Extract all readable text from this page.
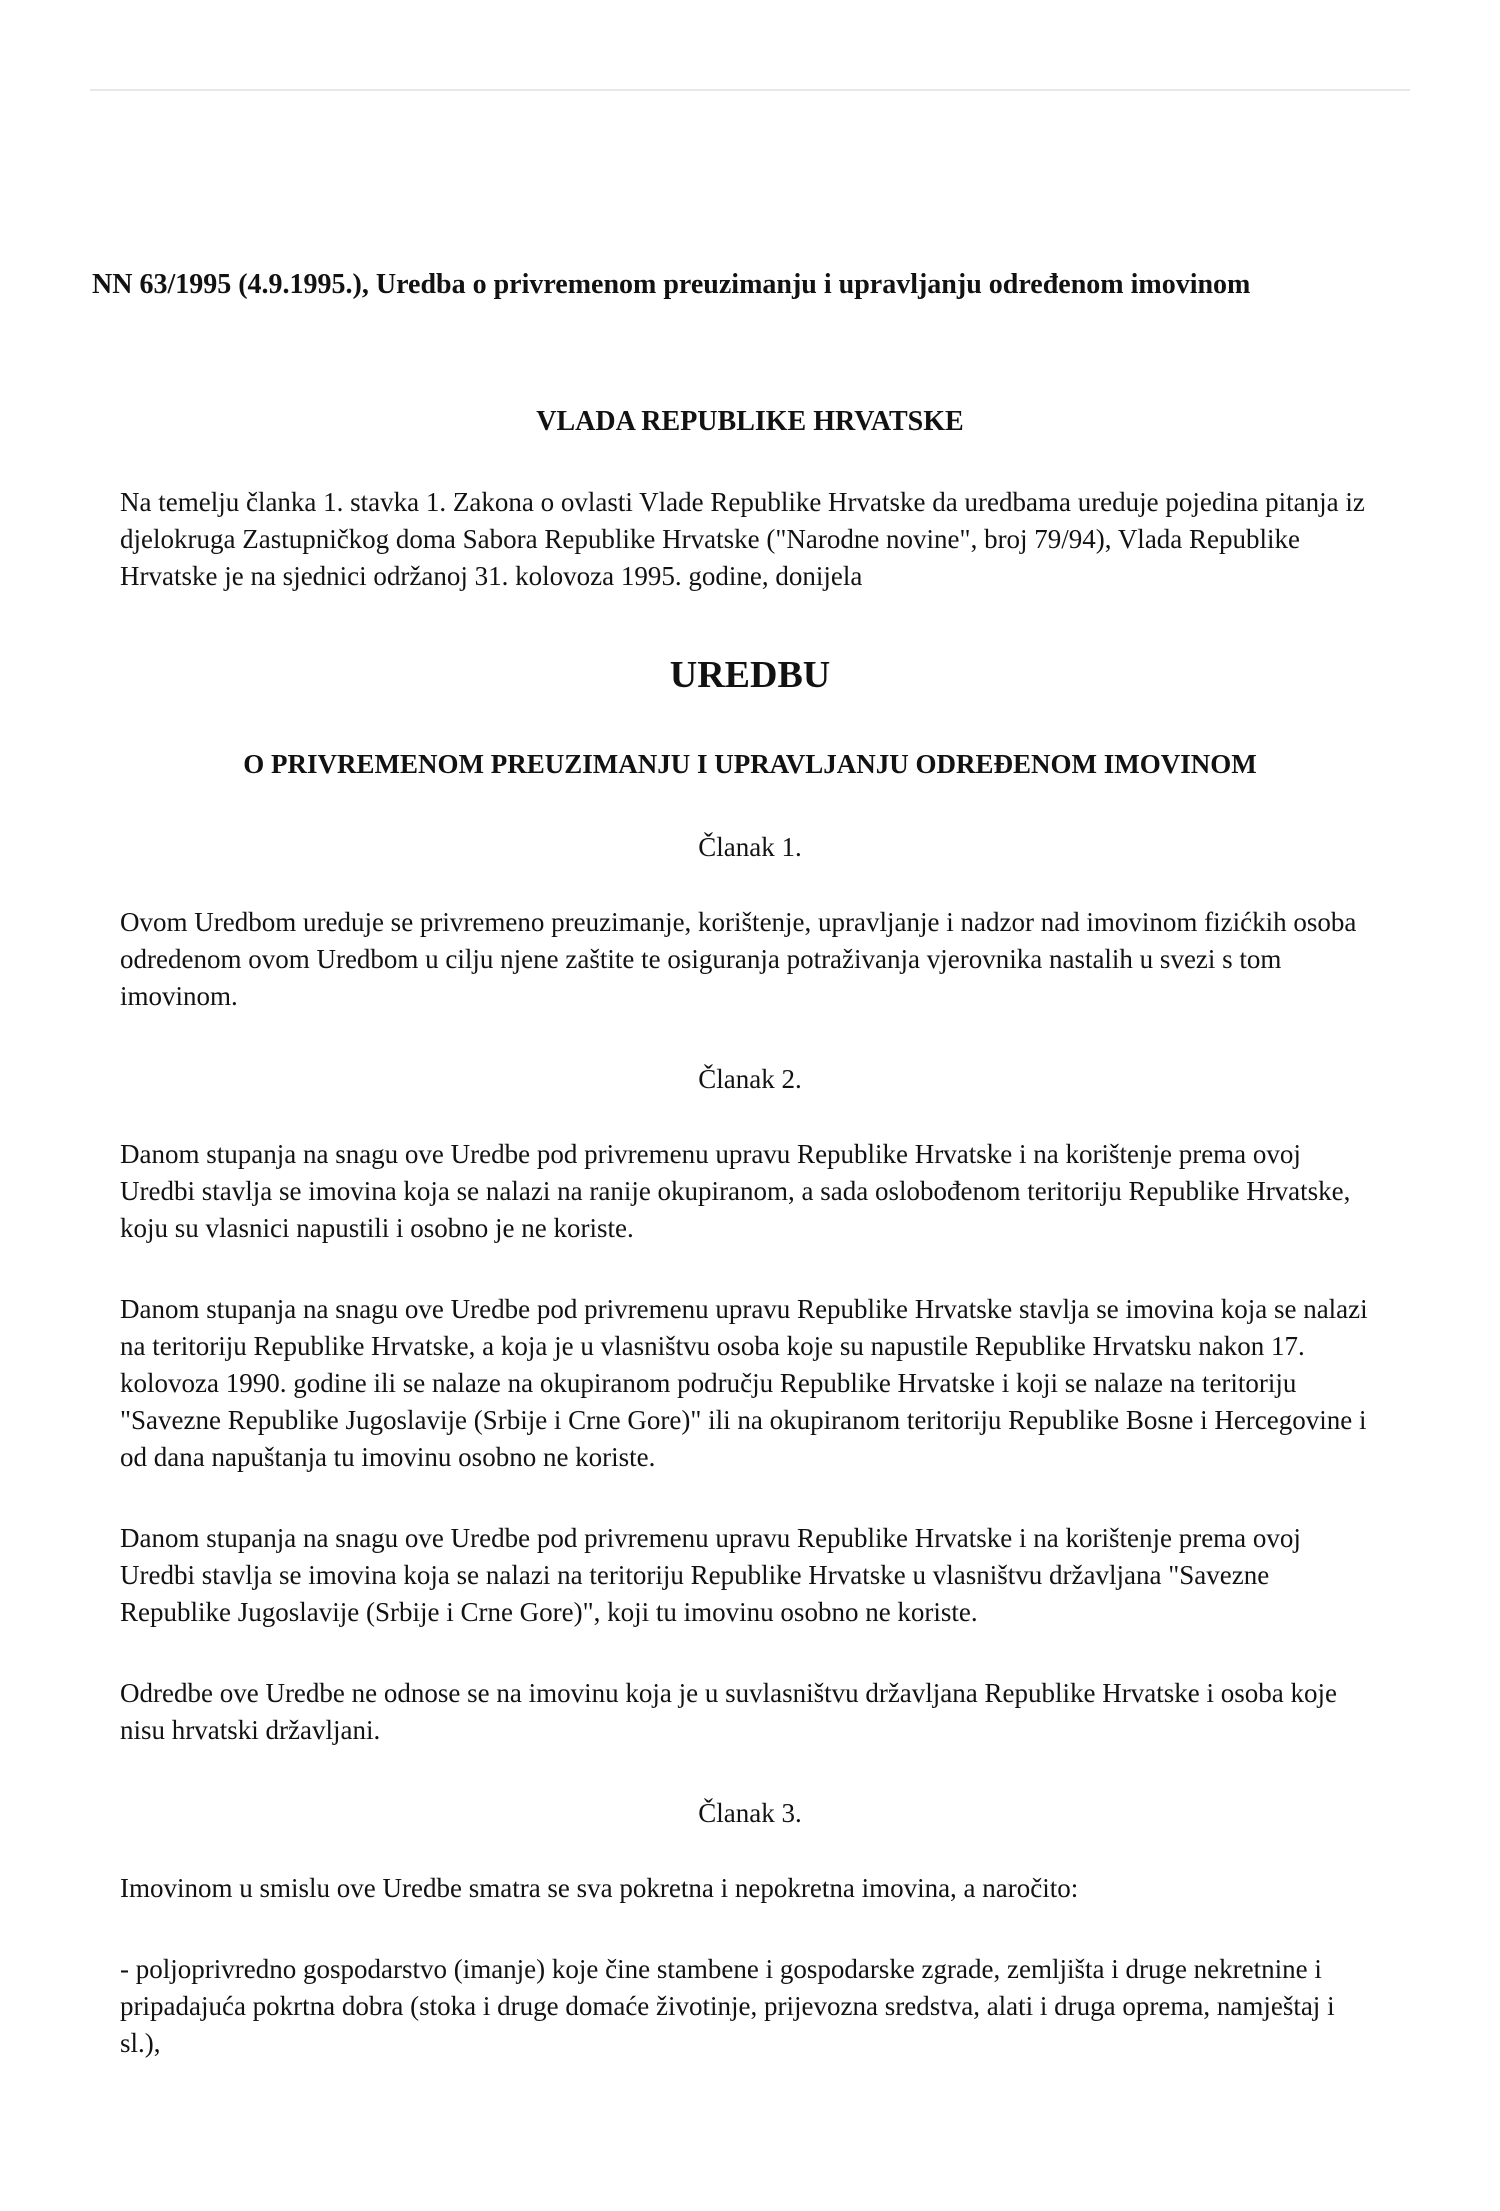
NN 63/1995 (4.9.1995.), Uredba o privremenom preuzimanju i upravljanju određenom imovinom
VLADA REPUBLIKE HRVATSKE

Na temelju članka 1. stavka 1. Zakona o ovlasti Vlade Republike Hrvatske da uredbama ureduje pojedina pitanja iz djelokruga Zastupničkog doma Sabora Republike Hrvatske ("Narodne novine", broj 79/94), Vlada Republike Hrvatske je na sjednici održanoj 31. kolovoza 1995. godine, donijela

UREDBU
O PRIVREMENOM PREUZIMANJU I UPRAVLJANJU ODREĐENOM IMOVINOM
Članak 1.

Ovom Uredbom ureduje se privremeno preuzimanje, korištenje, upravljanje i nadzor nad imovinom fizićkih osoba odredenom ovom Uredbom u cilju njene zaštite te osiguranja potraživanja vjerovnika nastalih u svezi s tom imovinom.

Članak 2.

Danom stupanja na snagu ove Uredbe pod privremenu upravu Republike Hrvatske i na korištenje prema ovoj Uredbi stavlja se imovina koja se nalazi na ranije okupiranom, a sada oslobođenom teritoriju Republike Hrvatske, koju su vlasnici napustili i osobno je ne koriste.

Danom stupanja na snagu ove Uredbe pod privremenu upravu Republike Hrvatske stavlja se imovina koja se nalazi na teritoriju Republike Hrvatske, a koja je u vlasništvu osoba koje su napustile Republike Hrvatsku nakon 17. kolovoza 1990. godine ili se nalaze na okupiranom području Republike Hrvatske i koji se nalaze na teritoriju "Savezne Republike Jugoslavije (Srbije i Crne Gore)" ili na okupiranom teritoriju Republike Bosne i Hercegovine i od dana napuštanja tu imovinu osobno ne koriste.

Danom stupanja na snagu ove Uredbe pod privremenu upravu Republike Hrvatske i na korištenje prema ovoj Uredbi stavlja se imovina koja se nalazi na teritoriju Republike Hrvatske u vlasništvu državljana "Savezne Republike Jugoslavije (Srbije i Crne Gore)", koji tu imovinu osobno ne koriste.

Odredbe ove Uredbe ne odnose se na imovinu koja je u suvlasništvu državljana Republike Hrvatske i osoba koje nisu hrvatski državljani.

Članak 3.

Imovinom u smislu ove Uredbe smatra se sva pokretna i nepokretna imovina, a naročito:

- poljoprivredno gospodarstvo (imanje) koje čine stambene i gospodarske zgrade, zemljišta i druge nekretnine i pripadajuća pokrtna dobra (stoka i druge domaće životinje, prijevozna sredstva, alati i druga oprema, namještaj i sl.),
